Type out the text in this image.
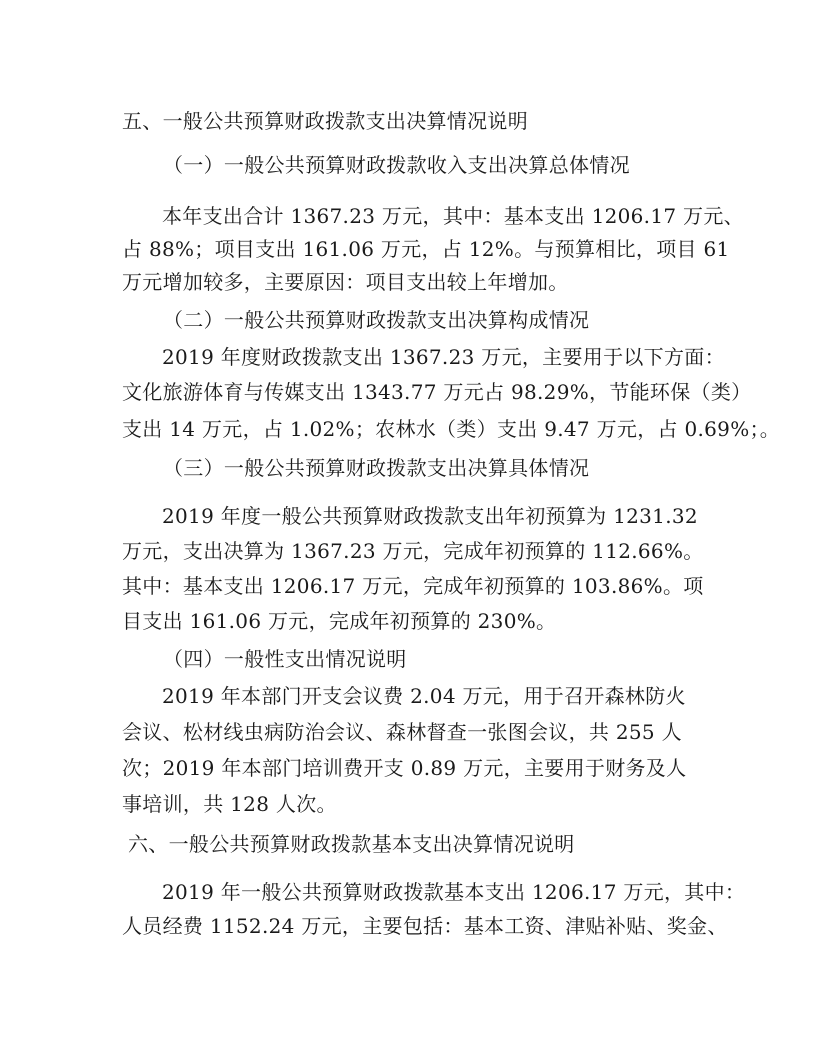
五、一般公共预算财政拨款支出决算情况说明
（一）一般公共预算财政拨款收入支出决算总体情况
本年支出合计 1367.23 万元，其中：基本支出 1206.17 万元、
占 88%；项目支出 161.06 万元，占 12%。与预算相比，项目 61
万元增加较多，主要原因：项目支出较上年增加。
（二）一般公共预算财政拨款支出决算构成情况
2019 年度财政拨款支出 1367.23 万元，主要用于以下方面：
文化旅游体育与传媒支出 1343.77 万元占 98.29%，节能环保（类）
支出 14 万元，占 1.02%；农林水（类）支出 9.47 万元，占 0.69%；。
（三）一般公共预算财政拨款支出决算具体情况
2019 年度一般公共预算财政拨款支出年初预算为 1231.32
万元，支出决算为 1367.23 万元，完成年初预算的 112.66%。
其中：基本支出 1206.17 万元，完成年初预算的 103.86%。项
目支出 161.06 万元，完成年初预算的 230%。
（四）一般性支出情况说明
2019 年本部门开支会议费 2.04 万元，用于召开森林防火
会议、松材线虫病防治会议、森林督查一张图会议，共 255 人
次；2019 年本部门培训费开支 0.89 万元，主要用于财务及人
事培训，共 128 人次。
六、一般公共预算财政拨款基本支出决算情况说明
2019 年一般公共预算财政拨款基本支出 1206.17 万元，其中：
人员经费 1152.24 万元，主要包括：基本工资、津贴补贴、奖金、
